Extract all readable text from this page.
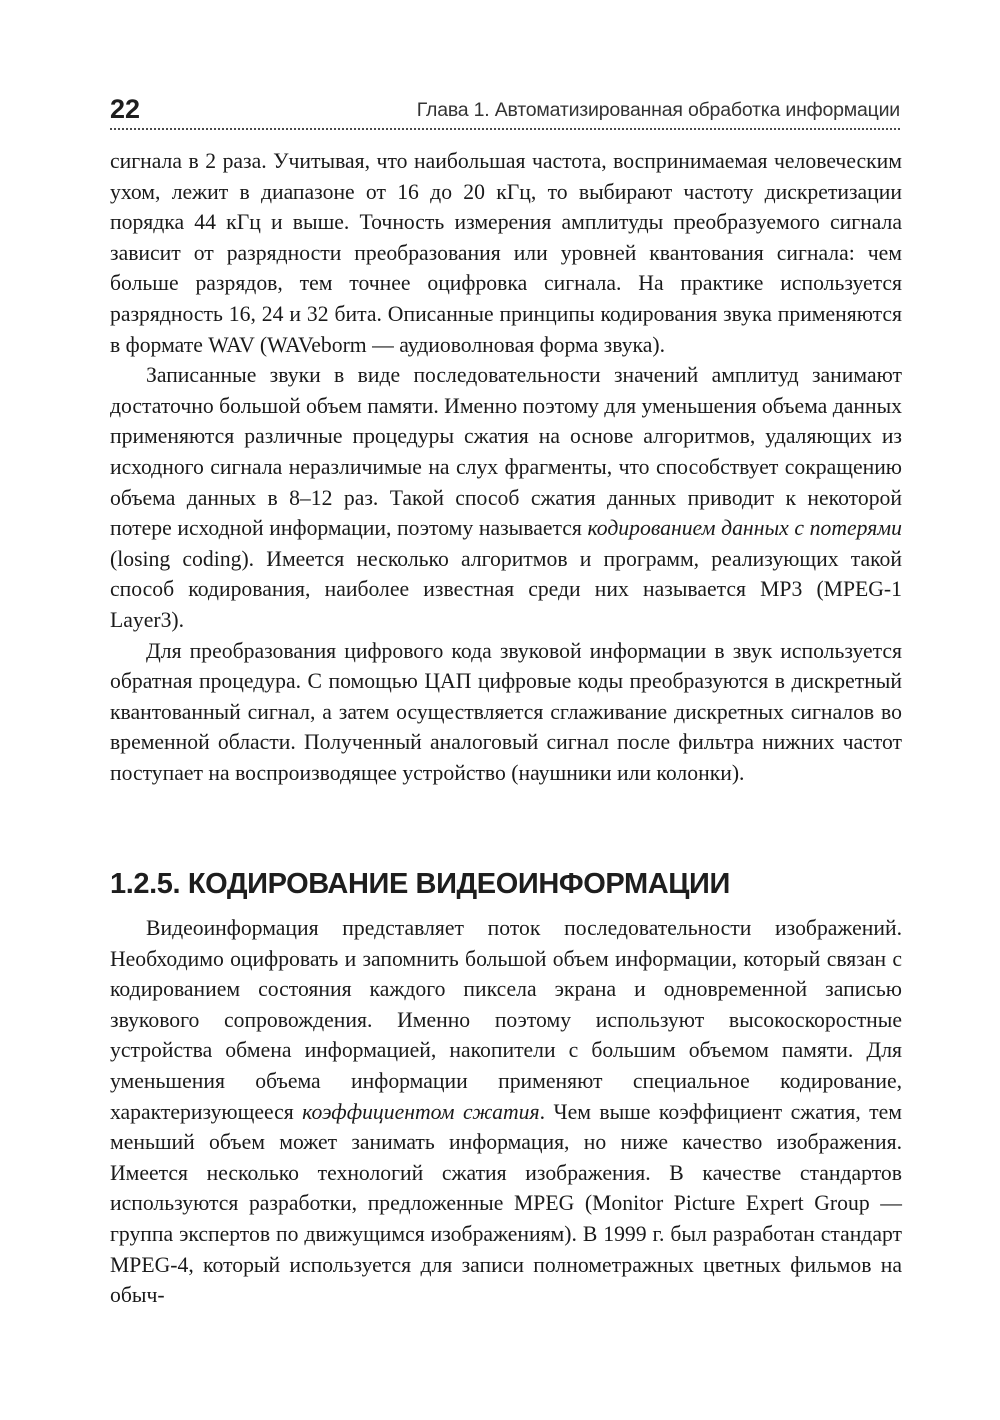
22	Глава 1. Автоматизированная обработка информации

сигнала в 2 раза. Учитывая, что наибольшая частота, воспринимаемая человеческим ухом, лежит в диапазоне от 16 до 20 кГц, то выбирают частоту дискретизации порядка 44 кГц и выше. Точность измерения амплитуды преобразуемого сигнала зависит от разрядности преобразования или уровней квантования сигнала: чем больше разрядов, тем точнее оцифровка сигнала. На практике используется разрядность 16, 24 и 32 бита. Описанные принципы кодирования звука применяются в формате WAV (WAVeborm — аудиоволновая форма звука).

Записанные звуки в виде последовательности значений амплитуд занимают достаточно большой объем памяти. Именно поэтому для уменьшения объема данных применяются различные процедуры сжатия на основе алгоритмов, удаляющих из исходного сигнала неразличимые на слух фрагменты, что способствует сокращению объема данных в 8–12 раз. Такой способ сжатия данных приводит к некоторой потере исходной информации, поэтому называется кодированием данных с потерями (losing coding). Имеется несколько алгоритмов и программ, реализующих такой способ кодирования, наиболее известная среди них называется MP3 (MPEG-1 Layer3).

Для преобразования цифрового кода звуковой информации в звук используется обратная процедура. С помощью ЦАП цифровые коды преобразуются в дискретный квантованный сигнал, а затем осуществляется сглаживание дискретных сигналов во временной области. Полученный аналоговый сигнал после фильтра нижних частот поступает на воспроизводящее устройство (наушники или колонки).

1.2.5. КОДИРОВАНИЕ ВИДЕОИНФОРМАЦИИ

Видеоинформация представляет поток последовательности изображений. Необходимо оцифровать и запомнить большой объем информации, который связан с кодированием состояния каждого пиксела экрана и одновременной записью звукового сопровождения. Именно поэтому используют высокоскоростные устройства обмена информацией, накопители с большим объемом памяти. Для уменьшения объема информации применяют специальное кодирование, характеризующееся коэффициентом сжатия. Чем выше коэффициент сжатия, тем меньший объем может занимать информация, но ниже качество изображения. Имеется несколько технологий сжатия изображения. В качестве стандартов используются разработки, предложенные MPEG (Monitor Picture Expert Group — группа экспертов по движущимся изображениям). В 1999 г. был разработан стандарт MPEG-4, который используется для записи полнометражных цветных фильмов на обыч-
